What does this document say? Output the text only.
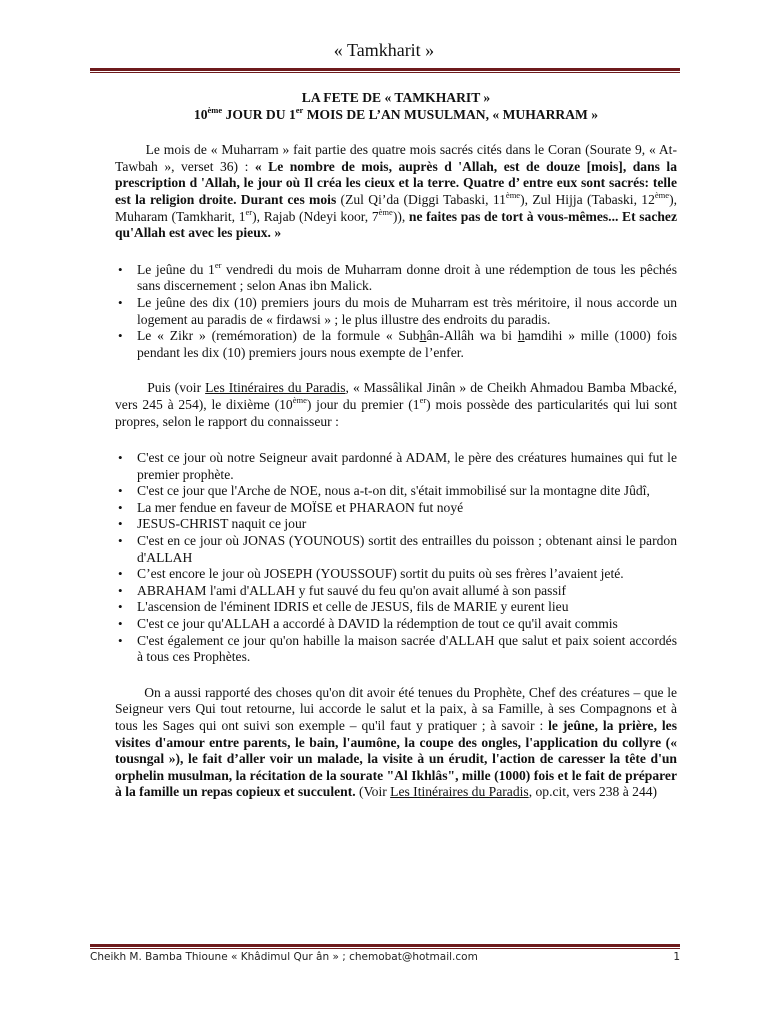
« Tamkharit »

LA FETE DE « TAMKHARIT »

10ème JOUR DU 1er MOIS DE L’AN MUSULMAN, « MUHARRAM »

Le mois de « Muharram » fait partie des quatre mois sacrés cités dans le Coran (Sourate 9, « At-Tawbah », verset 36) : « Le nombre de mois, auprès d 'Allah, est de douze [mois], dans la prescription d 'Allah, le jour où Il créa les cieux et la terre. Quatre d’ entre eux sont sacrés: telle est la religion droite. Durant ces mois (Zul Qi’da (Diggi Tabaski, 11ème), Zul Hijja (Tabaski, 12ème), Muharam (Tamkharit, 1er), Rajab (Ndeyi koor, 7ème)), ne faites pas de tort à vous-mêmes... Et sachez qu'Allah est avec les pieux. »

• Le jeûne du 1er vendredi du mois de Muharram donne droit à une rédemption de tous les pêchés sans discernement ; selon Anas ibn Malick.
• Le jeûne des dix (10) premiers jours du mois de Muharram est très méritoire, il nous accorde un logement au paradis de « firdawsi » ; le plus illustre des endroits du paradis.
• Le « Zikr » (remémoration) de la formule « Subhân-Allâh wa bi hamdihi » mille (1000) fois pendant les dix (10) premiers jours nous exempte de l’enfer.

Puis (voir Les Itinéraires du Paradis, « Massâlikal Jinân » de Cheikh Ahmadou Bamba Mbacké, vers 245 à 254), le dixième (10ème) jour du premier (1er) mois possède des particularités qui lui sont propres, selon le rapport du connaisseur :

• C'est ce jour où notre Seigneur avait pardonné à ADAM, le père des créatures humaines qui fut le premier prophète.
• C'est ce jour que l'Arche de NOE, nous a-t-on dit, s'était immobilisé sur la montagne dite Jûdî,
• La mer fendue en faveur de MOÏSE et PHARAON fut noyé
• JESUS-CHRIST naquit ce jour
• C'est en ce jour où JONAS (YOUNOUS) sortit des entrailles du poisson ; obtenant ainsi le pardon d'ALLAH
• C’est encore le jour où JOSEPH (YOUSSOUF) sortit du puits où ses frères l’avaient jeté.
• ABRAHAM l'ami d'ALLAH y fut sauvé du feu qu'on avait allumé à son passif
• L'ascension de l'éminent IDRIS et celle de JESUS, fils de MARIE y eurent lieu
• C'est ce jour qu'ALLAH a accordé à DAVID la rédemption de tout ce qu'il avait commis
• C'est également ce jour qu'on habille la maison sacrée d'ALLAH que salut et paix soient accordés à tous ces Prophètes.

On a aussi rapporté des choses qu'on dit avoir été tenues du Prophète, Chef des créatures – que le Seigneur vers Qui tout retourne, lui accorde le salut et la paix, à sa Famille, à ses Compagnons et à tous les Sages qui ont suivi son exemple – qu'il faut y pratiquer ; à savoir : le jeûne, la prière, les visites d'amour entre parents, le bain, l'aumône, la coupe des ongles, l'application du collyre (« tousngal »), le fait d’aller voir un malade, la visite à un érudit, l'action de caresser la tête d'un orphelin musulman, la récitation de la sourate "Al Ikhlâs", mille (1000) fois et le fait de préparer à la famille un repas copieux et succulent. (Voir Les Itinéraires du Paradis, op.cit, vers 238 à 244)

Cheikh M. Bamba Thioune « Khâdimul Qur ân » ; chemobat@hotmail.com	1
